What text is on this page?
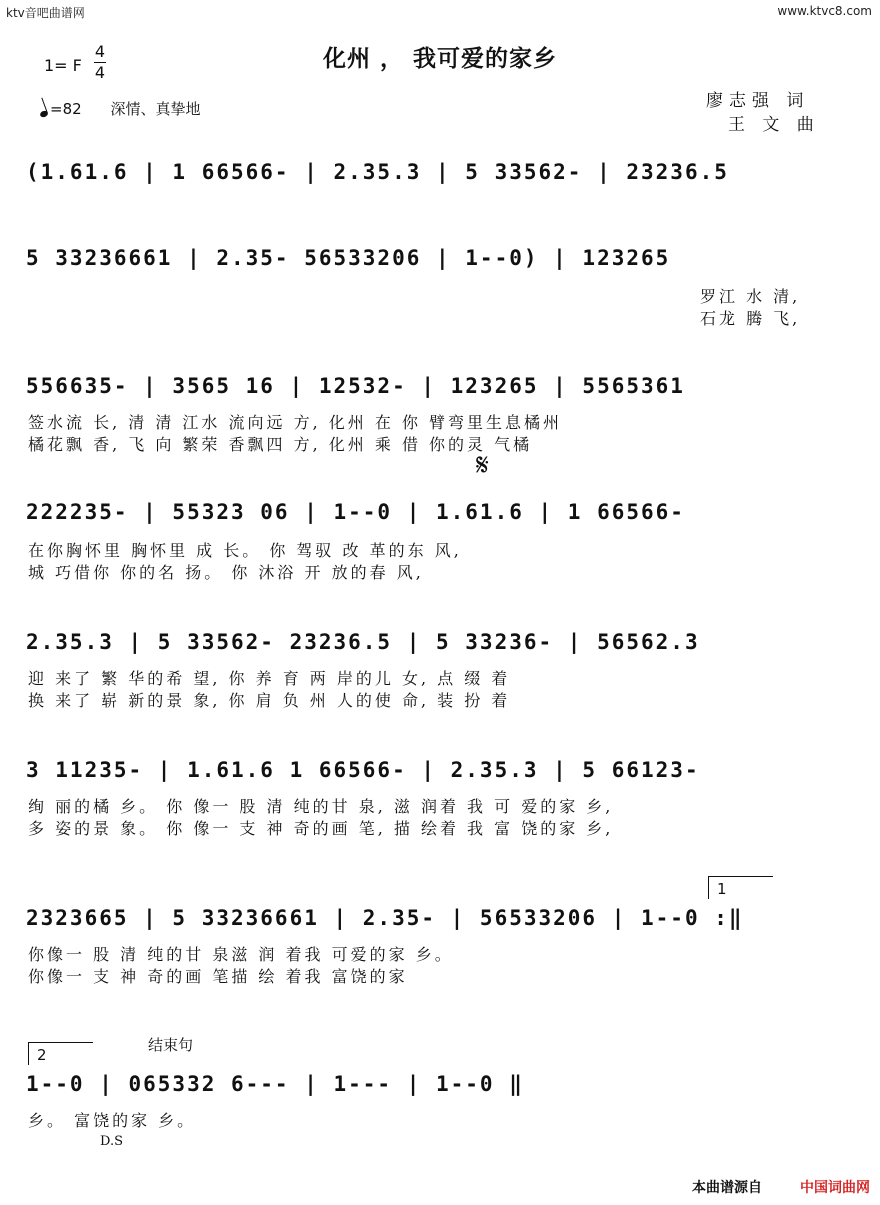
ktv音吧曲谱网	www.ktvc8.com
化州 ， 我可爱的家乡
1= F
4
4
=82 深情、真挚地	廖志强 词
王 文 曲
(1.61.6 | 1 66566- | 2.35.3 | 5 33562- | 23236.5
5 33236661 | 2.35- 56533206 | 1--0) | 123265
罗江 水 清,
石龙 腾 飞,
556635- | 3565 16 | 12532- | 123265 | 5565361
签水流 长, 清 清 江水 流向远 方, 化州 在 你 臂弯里生息橘州
橘花飘 香, 飞 向 繁荣 香飘四 方, 化州 乘 借 你的灵 气橘
𝄋
222235- | 55323 06 | 1--0 | 1.61.6 | 1 66566-
在你胸怀里 胸怀里 成 长。 你 驾驭 改 革的东 风,
城 巧借你 你的名 扬。 你 沐浴 开 放的春 风,
2.35.3 | 5 33562- 23236.5 | 5 33236- | 56562.3
迎 来了 繁 华的希 望, 你 养 育 两 岸的儿 女, 点 缀 着
换 来了 崭 新的景 象, 你 肩 负 州 人的使 命, 装 扮 着
3 11235- | 1.61.6 1 66566- | 2.35.3 | 5 66123-
绚 丽的橘 乡。 你 像一 股 清 纯的甘 泉, 滋 润着 我 可 爱的家 乡,
多 姿的景 象。 你 像一 支 神 奇的画 笔, 描 绘着 我 富 饶的家 乡,
1
2323665 | 5 33236661 | 2.35- | 56533206 | 1--0 :‖
你像一 股 清 纯的甘 泉滋 润 着我 可爱的家 乡。
你像一 支 神 奇的画 笔描 绘 着我 富饶的家
2
结束句
1--0 | 065332 6--- | 1--- | 1--0 ‖
乡。 富饶的家 乡。
D.S
本曲谱源自	中国词曲网
